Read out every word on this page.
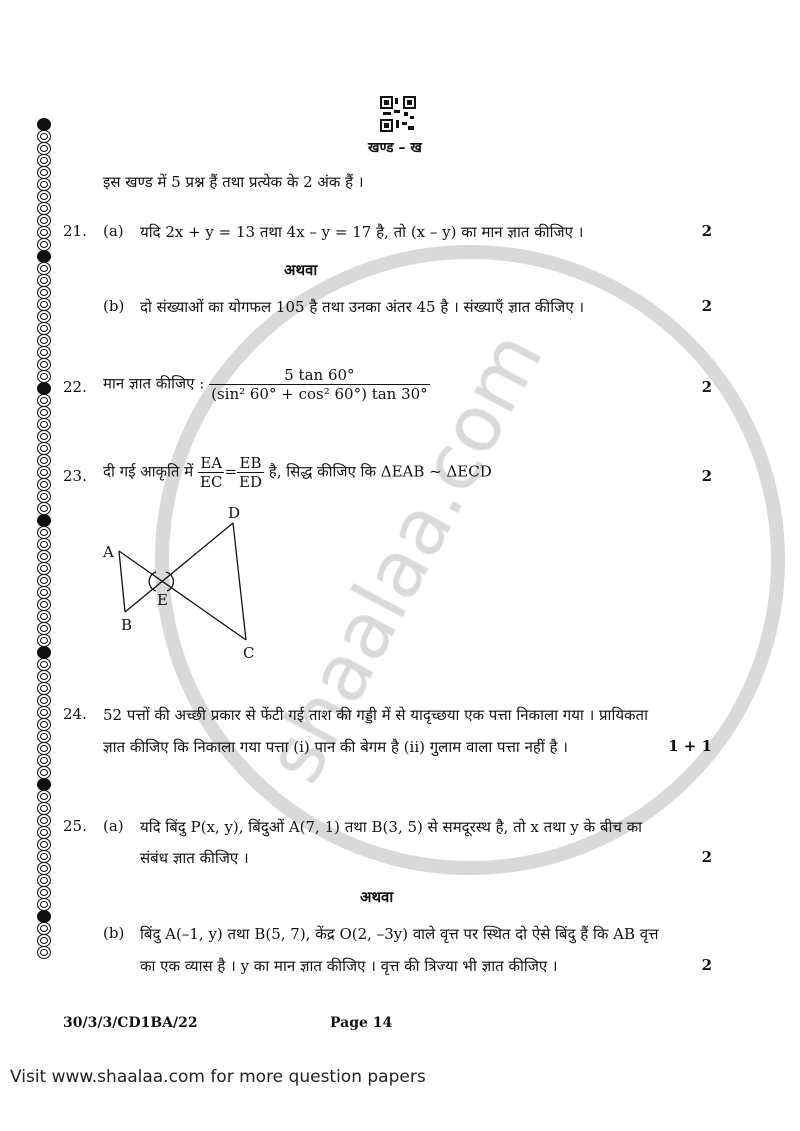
खण्ड – ख
इस खण्ड में 5 प्रश्न हैं तथा प्रत्येक के 2 अंक हैं ।
21. (a) यदि 2x + y = 13 तथा 4x – y = 17 है, तो (x – y) का मान ज्ञात कीजिए ।	2
अथवा
(b) दो संख्याओं का योगफल 105 है तथा उनका अंतर 45 है । संख्याएँ ज्ञात कीजिए ।	2
22. मान ज्ञात कीजिए : $\frac{5 \tan 60^\circ}{\text{(sin² 60° + cos² 60°) tan 30°}}$	2
23. दी गई आकृति में $\frac{EA}{EC} = \frac{EB}{ED}$ है, सिद्ध कीजिए कि ΔEAB ~ ΔECD	2
A
B
C
D
E
24. 52 पत्तों की अच्छी प्रकार से फेंटी गई ताश की गड्डी में से यादृच्छया एक पत्ता निकाला गया । प्रायिकता
ज्ञात कीजिए कि निकाला गया पत्ता (i) पान की बेगम है (ii) गुलाम वाला पत्ता नहीं है ।	1 + 1
25. (a) यदि बिंदु P(x, y), बिंदुओं A(7, 1) तथा B(3, 5) से समदूरस्थ है, तो x तथा y के बीच का
संबंध ज्ञात कीजिए ।	2
अथवा
(b) बिंदु A(–1, y) तथा B(5, 7), केंद्र O(2, –3y) वाले वृत्त पर स्थित दो ऐसे बिंदु हैं कि AB वृत्त
का एक व्यास है । y का मान ज्ञात कीजिए । वृत्त की त्रिज्या भी ज्ञात कीजिए ।	2
30/3/3/CD1BA/22	Page 14
Visit www.shaalaa.com for more question papers
